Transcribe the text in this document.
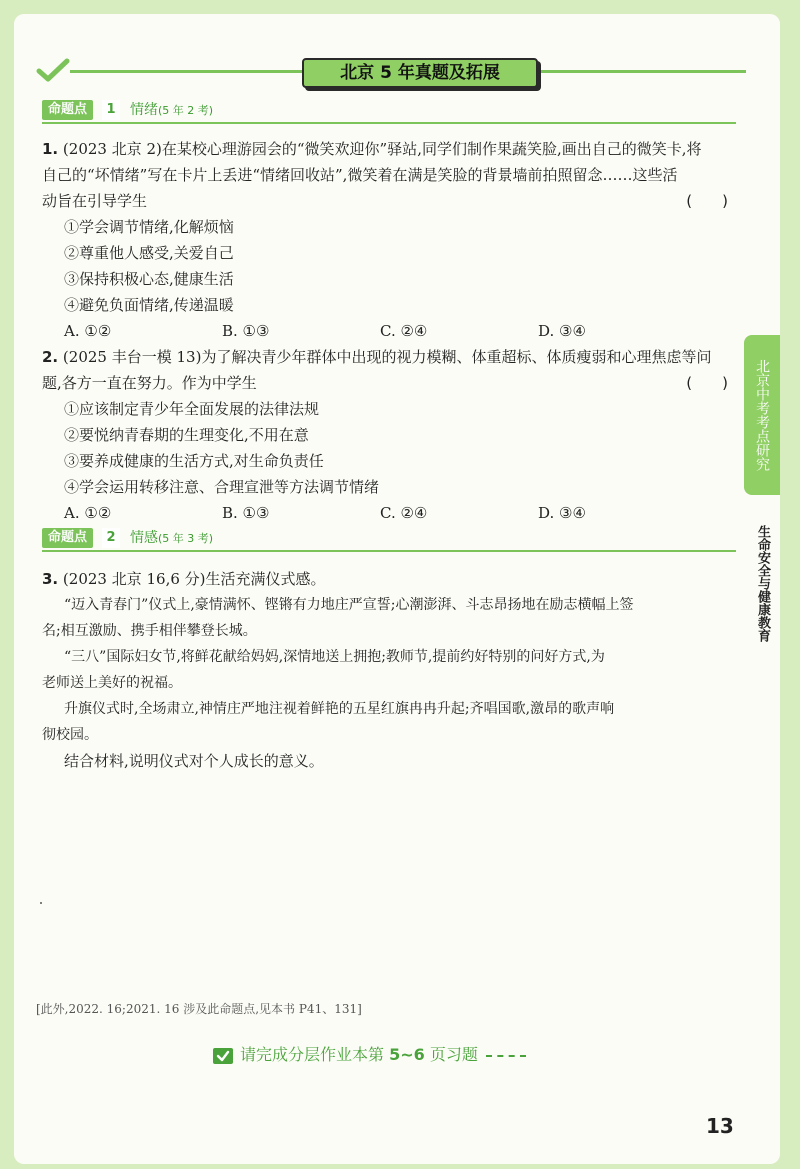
北京 5 年真题及拓展
命题点	1	情绪(5 年 2 考)
1. (2023 北京 2)在某校心理游园会的“微笑欢迎你”驿站,同学们制作果蔬笑脸,画出自己的微笑卡,将
自己的“坏情绪”写在卡片上丢进“情绪回收站”,微笑着在满是笑脸的背景墙前拍照留念……这些活
动旨在引导学生	(　　)
①学会调节情绪,化解烦恼
②尊重他人感受,关爱自己
③保持积极心态,健康生活
④避免负面情绪,传递温暖
A. ①②	B. ①③	C. ②④	D. ③④
2. (2025 丰台一模 13)为了解决青少年群体中出现的视力模糊、体重超标、体质瘦弱和心理焦虑等问
题,各方一直在努力。作为中学生	(　　)
①应该制定青少年全面发展的法律法规
②要悦纳青春期的生理变化,不用在意
③要养成健康的生活方式,对生命负责任
④学会运用转移注意、合理宣泄等方法调节情绪
A. ①②	B. ①③	C. ②④	D. ③④
命题点	2	情感(5 年 3 考)
3. (2023 北京 16,6 分)生活充满仪式感。
“迈入青春门”仪式上,豪情满怀、铿锵有力地庄严宣誓;心潮澎湃、斗志昂扬地在励志横幅上签
名;相互激励、携手相伴攀登长城。
“三八”国际妇女节,将鲜花献给妈妈,深情地送上拥抱;教师节,提前约好特别的问好方式,为
老师送上美好的祝福。
升旗仪式时,全场肃立,神情庄严地注视着鲜艳的五星红旗冉冉升起;齐唱国歌,激昂的歌声响
彻校园。
结合材料,说明仪式对个人成长的意义。
北京中考考点研究
生命安全与健康教育
[此外,2022. 16;2021. 16 涉及此命题点,见本书 P41、131]
请完成分层作业本第 5~6 页习题
13
